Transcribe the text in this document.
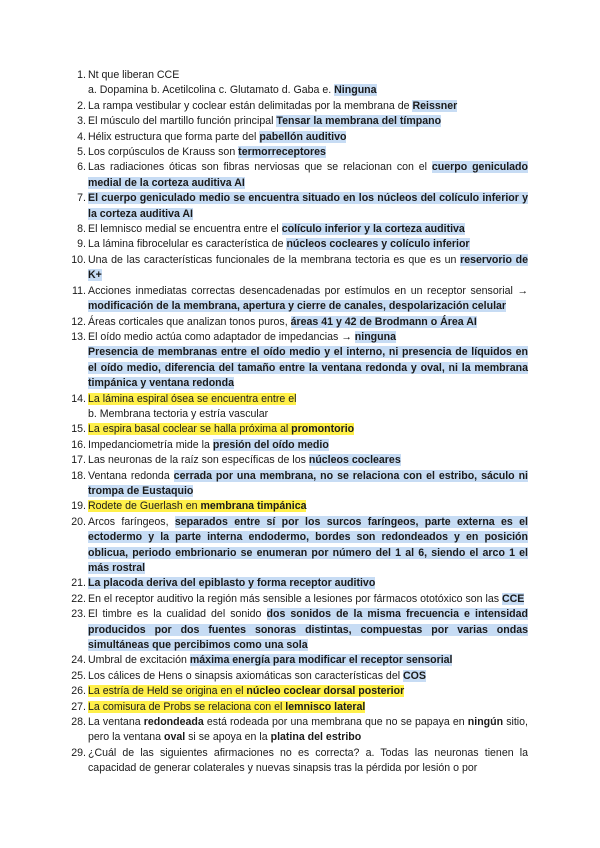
1. Nt que liberan CCE
a. Dopamina b. Acetilcolina c. Glutamato d. Gaba e. Ninguna
2. La rampa vestibular y coclear están delimitadas por la membrana de Reissner
3. El músculo del martillo función principal Tensar la membrana del tímpano
4. Hélix estructura que forma parte del pabellón auditivo
5. Los corpúsculos de Krauss son termorreceptores
6. Las radiaciones óticas son fibras nerviosas que se relacionan con el cuerpo geniculado medial de la corteza auditiva AI
7. El cuerpo geniculado medio se encuentra situado en los núcleos del colículo inferior y la corteza auditiva AI
8. El lemnisco medial se encuentra entre el colículo inferior y la corteza auditiva
9. La lámina fibrocelular es característica de núcleos cocleares y colículo inferior
10. Una de las características funcionales de la membrana tectoria es que es un reservorio de K+
11. Acciones inmediatas correctas desencadenadas por estímulos en un receptor sensorial → modificación de la membrana, apertura y cierre de canales, despolarización celular
12. Áreas corticales que analizan tonos puros, áreas 41 y 42 de Brodmann o Área AI
13. El oído medio actúa como adaptador de impedancias → ninguna
Presencia de membranas entre el oído medio y el interno, ni presencia de líquidos en el oído medio, diferencia del tamaño entre la ventana redonda y oval, ni la membrana timpánica y ventana redonda
14. La lámina espiral ósea se encuentra entre el
b. Membrana tectoria y estría vascular
15. La espira basal coclear se halla próxima al promontorio
16. Impedanciometría mide la presión del oído medio
17. Las neuronas de la raíz son específicas de los núcleos cocleares
18. Ventana redonda cerrada por una membrana, no se relaciona con el estribo, sáculo ni trompa de Eustaquio
19. Rodete de Guerlash en membrana timpánica
20. Arcos faríngeos, separados entre sí por los surcos faríngeos, parte externa es el ectodermo y la parte interna endodermo, bordes son redondeados y en posición oblicua, periodo embrionario se enumeran por número del 1 al 6, siendo el arco 1 el más rostral
21. La placoda deriva del epiblasto y forma receptor auditivo
22. En el receptor auditivo la región más sensible a lesiones por fármacos ototóxico son las CCE
23. El timbre es la cualidad del sonido dos sonidos de la misma frecuencia e intensidad producidos por dos fuentes sonoras distintas, compuestas por varias ondas simultáneas que percibimos como una sola
24. Umbral de excitación máxima energía para modificar el receptor sensorial
25. Los cálices de Hens o sinapsis axiomáticas son características del COS
26. La estría de Held se origina en el núcleo coclear dorsal posterior
27. La comisura de Probs se relaciona con el lemnisco lateral
28. La ventana redondeada está rodeada por una membrana que no se papaya en ningún sitio, pero la ventana oval si se apoya en la platina del estribo
29. ¿Cuál de las siguientes afirmaciones no es correcta? a. Todas las neuronas tienen la capacidad de generar colaterales y nuevas sinapsis tras la pérdida por lesión o por
